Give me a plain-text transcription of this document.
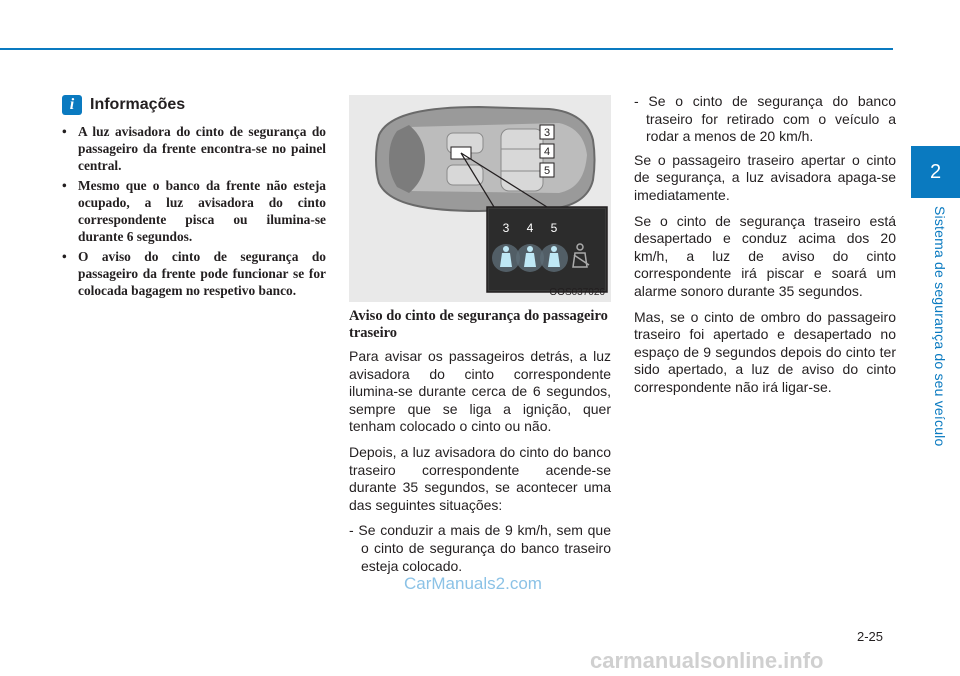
2
Sistema de segurança do seu veículo
i Informações
• A luz avisadora do cinto de segurança do passageiro da frente encontra-se no painel central.
• Mesmo que o banco da frente não esteja ocupado, a luz avisadora do cinto correspondente pisca ou ilumina-se durante 6 segundos.
• O aviso do cinto de segurança do passageiro da frente pode funcionar se for colocada bagagem no respetivo banco.
3
4
5
3 4 5
OOS037026

Aviso do cinto de segurança do passageiro traseiro

Para avisar os passageiros detrás, a luz avisadora do cinto correspondente ilumina-se durante cerca de 6 segundos, sempre que se liga a ignição, quer tenham colocado o cinto ou não.

Depois, a luz avisadora do cinto do banco traseiro correspondente acende-se durante 35 segundos, se acontecer uma das seguintes situações:

- Se conduzir a mais de 9 km/h, sem que o cinto de segurança do banco traseiro esteja colocado.

- Se o cinto de segurança do banco traseiro for retirado com o veículo a rodar a menos de 20 km/h.

Se o passageiro traseiro apertar o cinto de segurança, a luz avisadora apaga-se imediatamente.

Se o cinto de segurança traseiro está desapertado e conduz acima dos 20 km/h, a luz de aviso do cinto correspondente irá piscar e soará um alarme sonoro durante 35 segundos.

Mas, se o cinto de ombro do passageiro traseiro foi apertado e desapertado no espaço de 9 segundos depois do cinto ter sido apertado, a luz de aviso do cinto correspondente não irá ligar-se.

CarManuals2.com
2-25
carmanualsonline.info
